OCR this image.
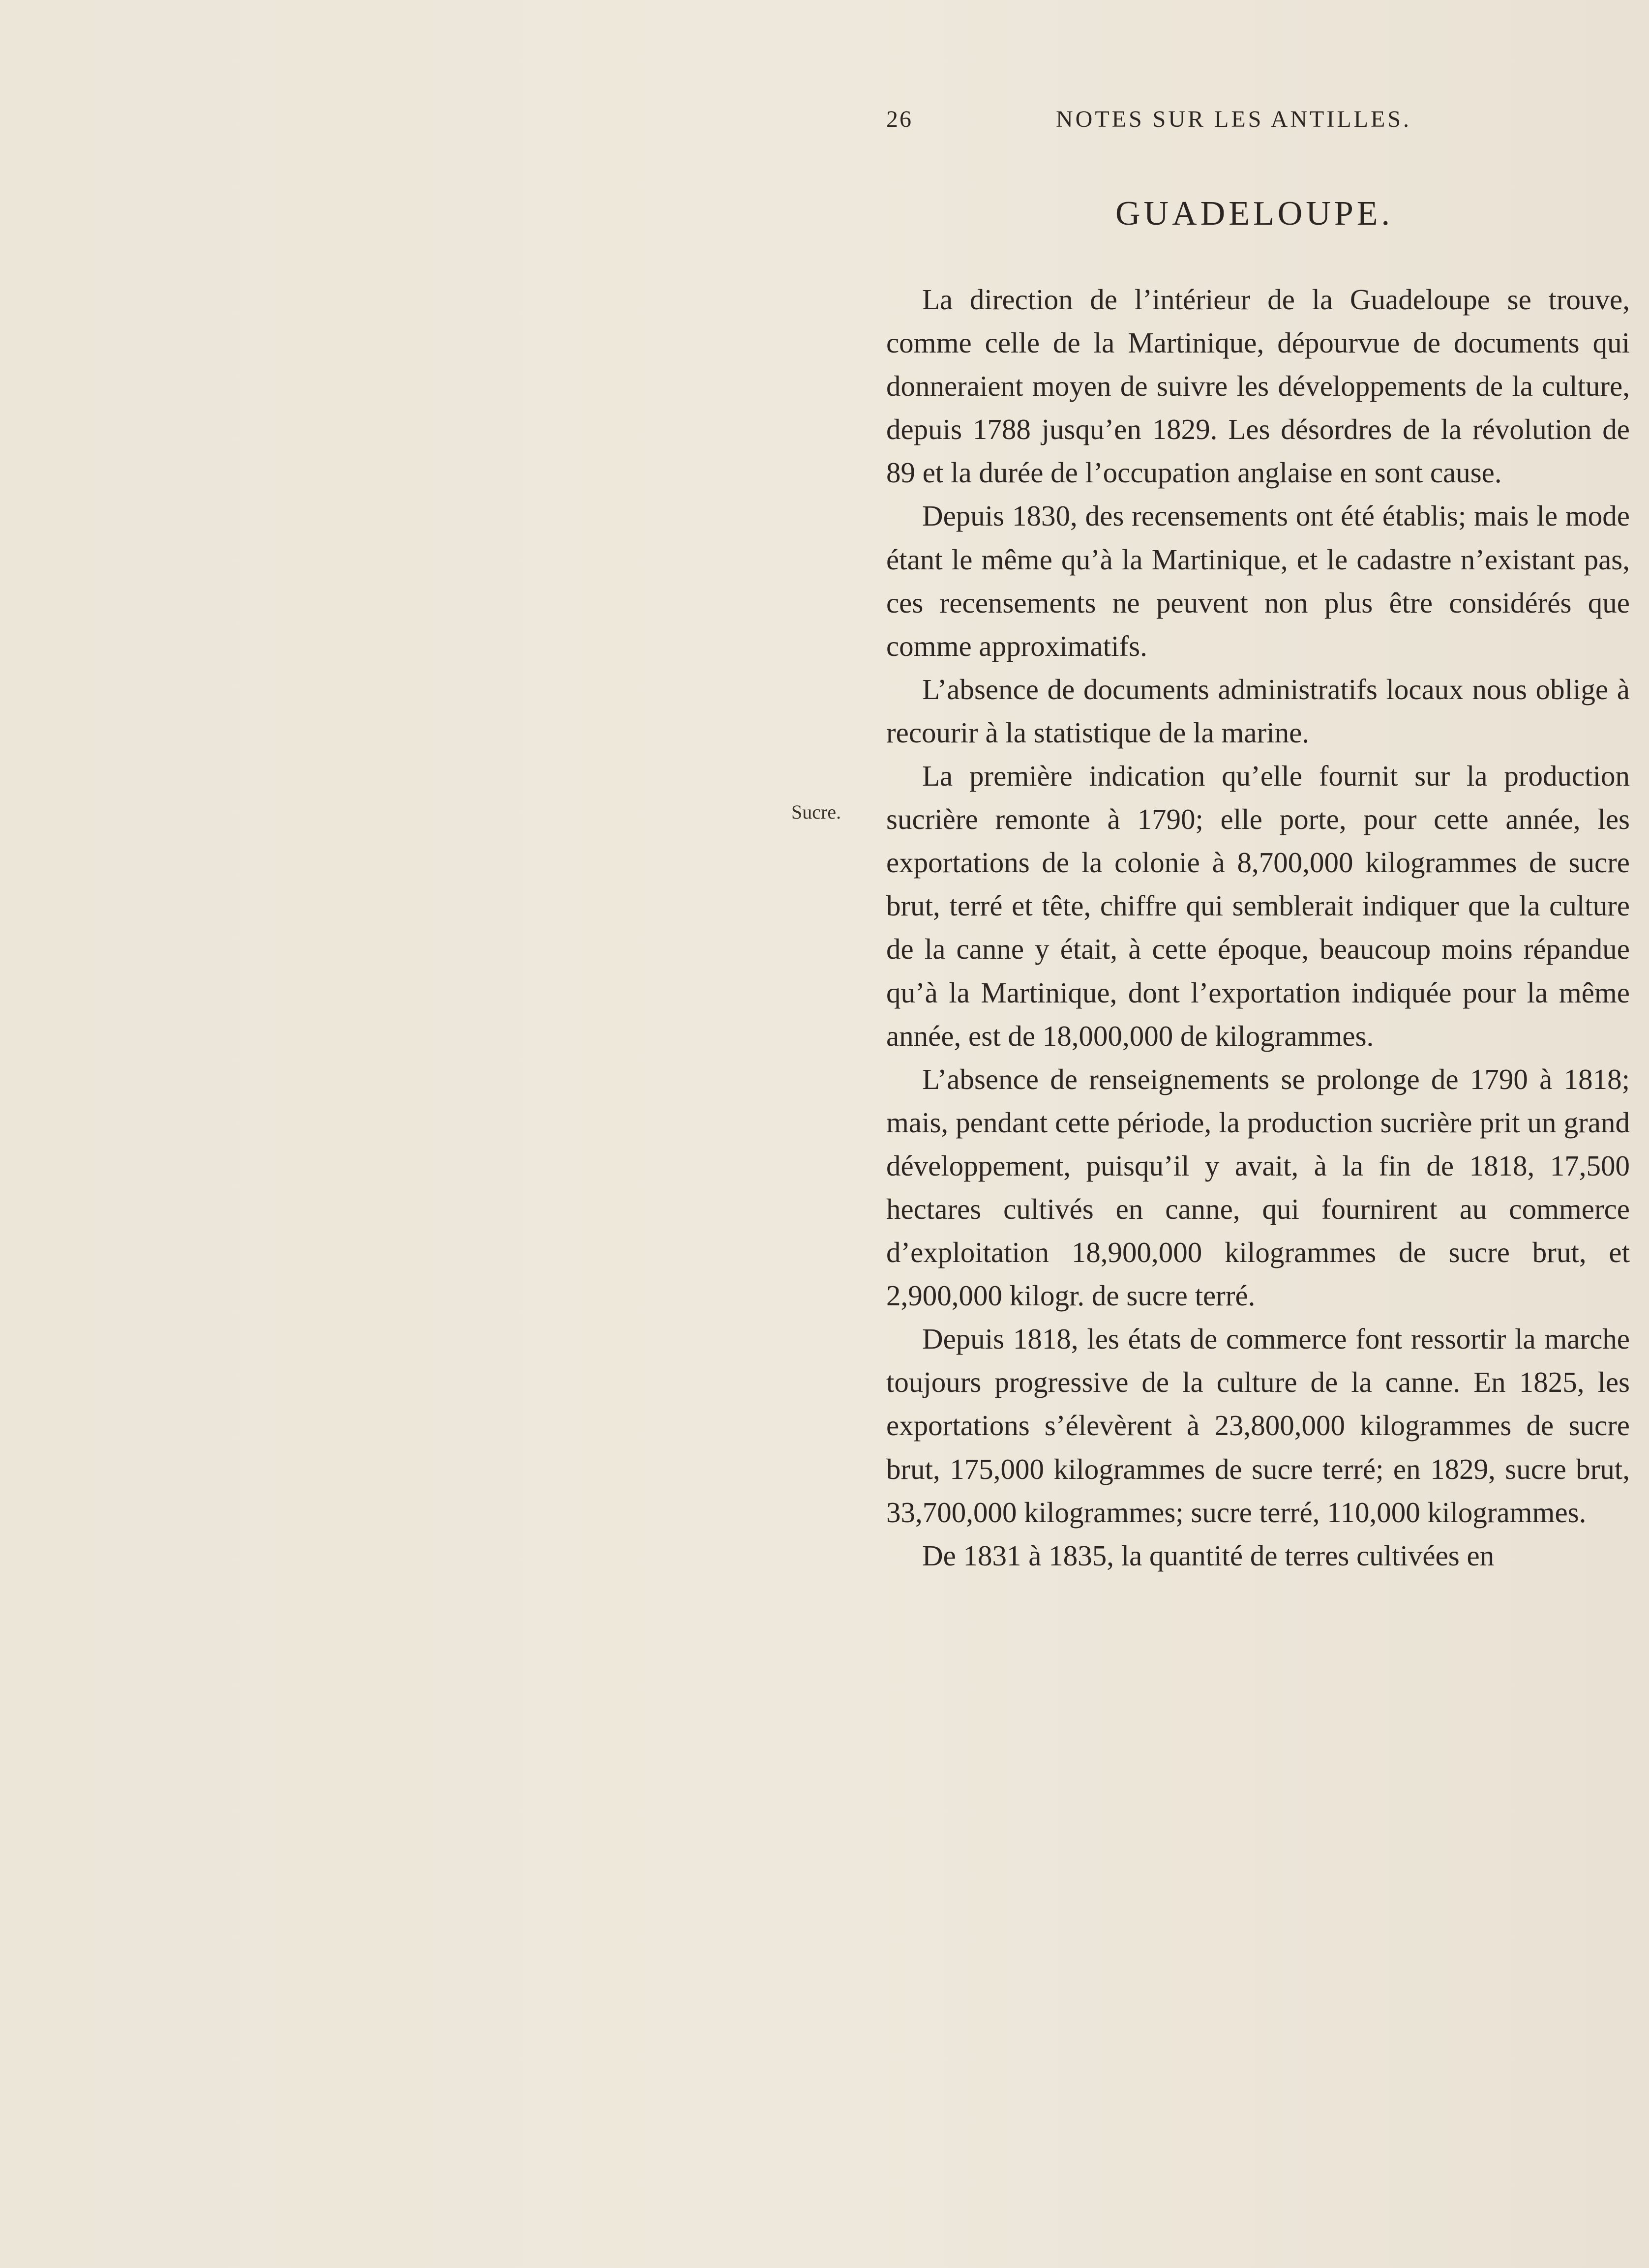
26	NOTES SUR LES ANTILLES.
GUADELOUPE.
Sucre.

La direction de l’intérieur de la Guadeloupe se trouve, comme celle de la Martinique, dépourvue de documents qui donneraient moyen de suivre les développements de la culture, depuis 1788 jusqu’en 1829. Les désordres de la révolution de 89 et la durée de l’occupation anglaise en sont cause.

Depuis 1830, des recensements ont été établis; mais le mode étant le même qu’à la Martinique, et le cadastre n’existant pas, ces recensements ne peuvent non plus être considérés que comme approximatifs.

L’absence de documents administratifs locaux nous oblige à recourir à la statistique de la marine.

La première indication qu’elle fournit sur la production sucrière remonte à 1790; elle porte, pour cette année, les exportations de la colonie à 8,700,000 kilogrammes de sucre brut, terré et tête, chiffre qui semblerait indiquer que la culture de la canne y était, à cette époque, beaucoup moins répandue qu’à la Martinique, dont l’exportation indiquée pour la même année, est de 18,000,000 de kilogrammes.

L’absence de renseignements se prolonge de 1790 à 1818; mais, pendant cette période, la production sucrière prit un grand développement, puisqu’il y avait, à la fin de 1818, 17,500 hectares cultivés en canne, qui fournirent au commerce d’exploitation 18,900,000 kilogrammes de sucre brut, et 2,900,000 kilogr. de sucre terré.

Depuis 1818, les états de commerce font ressortir la marche toujours progressive de la culture de la canne. En 1825, les exportations s’élevèrent à 23,800,000 kilogrammes de sucre brut, 175,000 kilogrammes de sucre terré; en 1829, sucre brut, 33,700,000 kilogrammes; sucre terré, 110,000 kilogrammes.

De 1831 à 1835, la quantité de terres cultivées en
